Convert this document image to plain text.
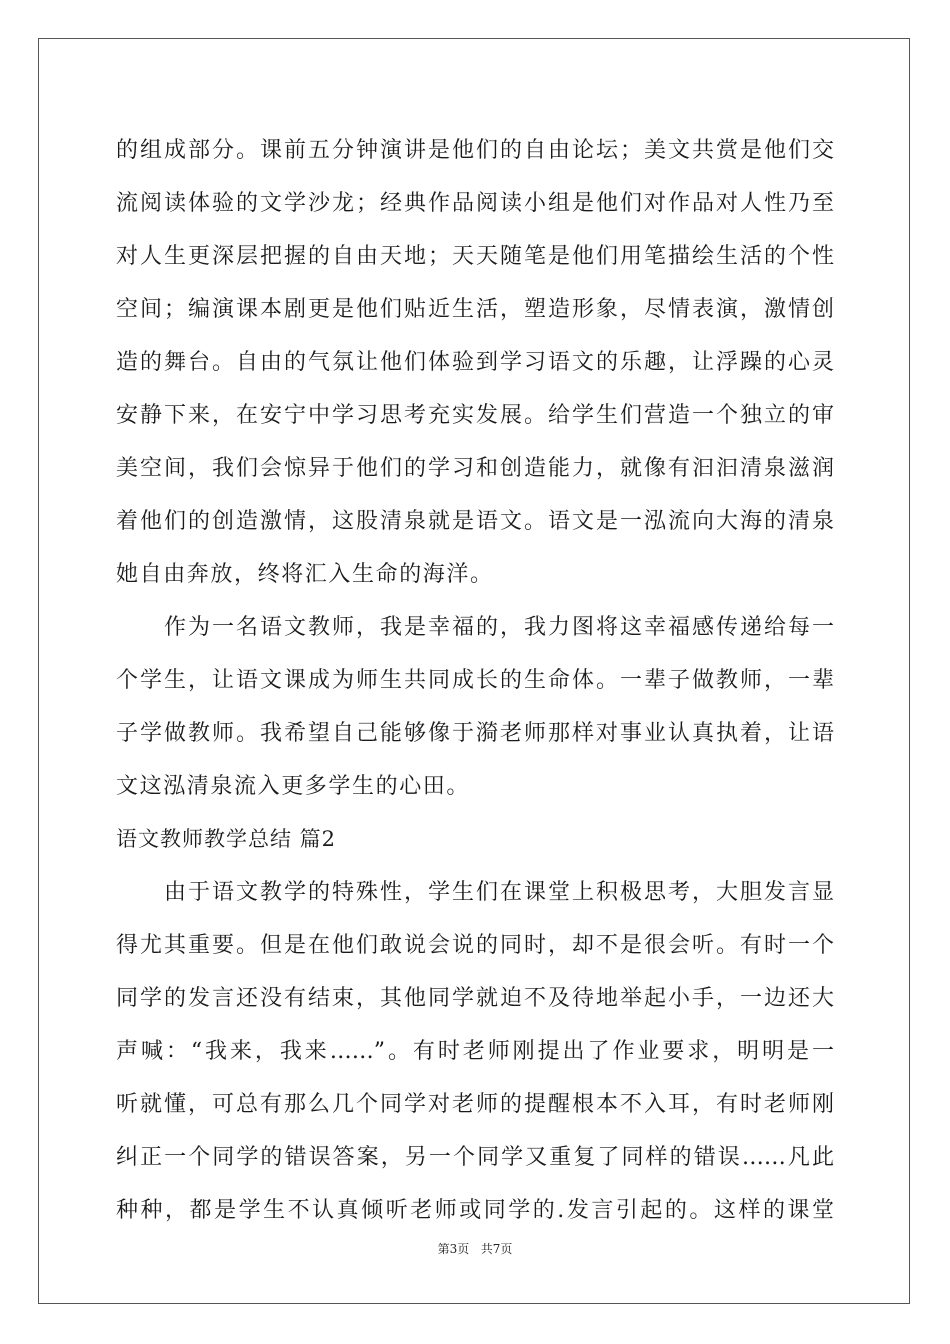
的组成部分。课前五分钟演讲是他们的自由论坛；美文共赏是他们交
流阅读体验的文学沙龙；经典作品阅读小组是他们对作品对人性乃至
对人生更深层把握的自由天地；天天随笔是他们用笔描绘生活的个性
空间；编演课本剧更是他们贴近生活，塑造形象，尽情表演，激情创
造的舞台。自由的气氛让他们体验到学习语文的乐趣，让浮躁的心灵
安静下来，在安宁中学习思考充实发展。给学生们营造一个独立的审
美空间，我们会惊异于他们的学习和创造能力，就像有汩汩清泉滋润
着他们的创造激情，这股清泉就是语文。语文是一泓流向大海的清泉
她自由奔放，终将汇入生命的海洋。
作为一名语文教师，我是幸福的，我力图将这幸福感传递给每一
个学生，让语文课成为师生共同成长的生命体。一辈子做教师，一辈
子学做教师。我希望自己能够像于漪老师那样对事业认真执着，让语
文这泓清泉流入更多学生的心田。
语文教师教学总结 篇2
由于语文教学的特殊性，学生们在课堂上积极思考，大胆发言显
得尤其重要。但是在他们敢说会说的同时，却不是很会听。有时一个
同学的发言还没有结束，其他同学就迫不及待地举起小手，一边还大
声喊：“我来，我来……”。有时老师刚提出了作业要求，明明是一
听就懂，可总有那么几个同学对老师的提醒根本不入耳，有时老师刚
纠正一个同学的错误答案，另一个同学又重复了同样的错误……凡此
种种，都是学生不认真倾听老师或同学的.发言引起的。这样的课堂
第3页 共7页
